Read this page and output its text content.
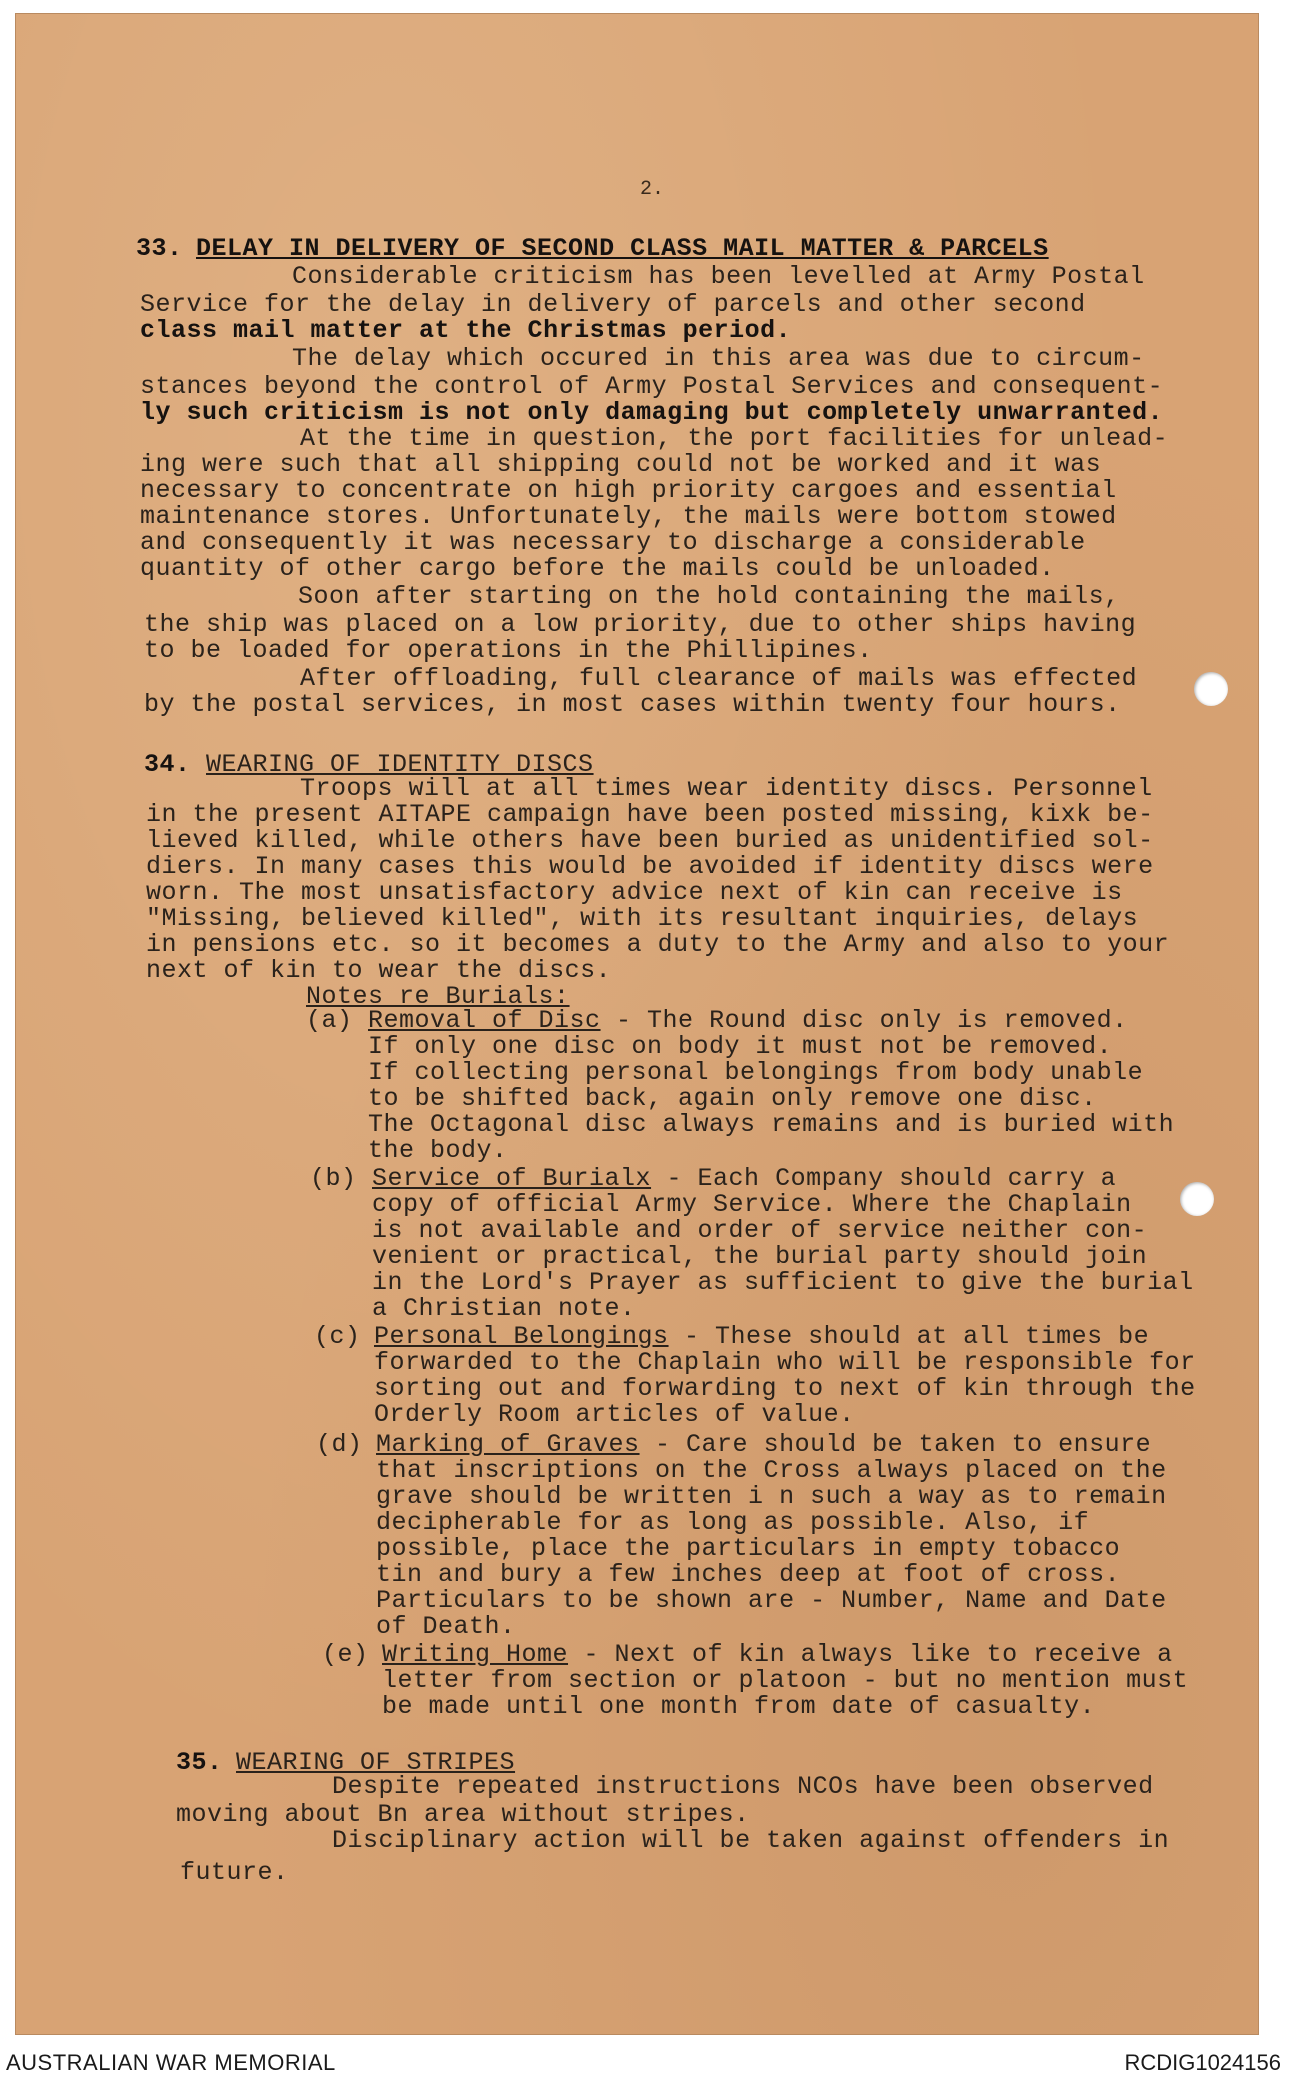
2.
33. DELAY IN DELIVERY OF SECOND CLASS MAIL MATTER & PARCELS
Considerable criticism has been levelled at Army Postal
Service for the delay in delivery of parcels and other second
class mail matter at the Christmas period.
The delay which occured in this area was due to circum-
stances beyond the control of Army Postal Services and consequent-
ly such criticism is not only damaging but completely unwarranted.
At the time in question, the port facilities for unlead-
ing were such that all shipping could not be worked and it was
necessary to concentrate on high priority cargoes and essential
maintenance stores. Unfortunately, the mails were bottom stowed
and consequently it was necessary to discharge a considerable
quantity of other cargo before the mails could be unloaded.
Soon after starting on the hold containing the mails,
the ship was placed on a low priority, due to other ships having
to be loaded for operations in the Phillipines.
After offloading, full clearance of mails was effected
by the postal services, in most cases within twenty four hours.
34. WEARING OF IDENTITY DISCS
Troops will at all times wear identity discs. Personnel
in the present AITAPE campaign have been posted missing, kixk be-
lieved killed, while others have been buried as unidentified sol-
diers. In many cases this would be avoided if identity discs were
worn. The most unsatisfactory advice next of kin can receive is
"Missing, believed killed", with its resultant inquiries, delays
in pensions etc. so it becomes a duty to the Army and also to your
next of kin to wear the discs.
Notes re Burials:
(a) Removal of Disc - The Round disc only is removed.
If only one disc on body it must not be removed.
If collecting personal belongings from body unable
to be shifted back, again only remove one disc.
The Octagonal disc always remains and is buried with
the body.
(b) Service of Burialx - Each Company should carry a
copy of official Army Service. Where the Chaplain
is not available and order of service neither con-
venient or practical, the burial party should join
in the Lord's Prayer as sufficient to give the burial
a Christian note.
(c) Personal Belongings - These should at all times be
forwarded to the Chaplain who will be responsible for
sorting out and forwarding to next of kin through the
Orderly Room articles of value.
(d) Marking of Graves - Care should be taken to ensure
that inscriptions on the Cross always placed on the
grave should be written i n such a way as to remain
decipherable for as long as possible. Also, if
possible, place the particulars in empty tobacco
tin and bury a few inches deep at foot of cross.
Particulars to be shown are - Number, Name and Date
of Death.
(e) Writing Home - Next of kin always like to receive a
letter from section or platoon - but no mention must
be made until one month from date of casualty.
35. WEARING OF STRIPES
Despite repeated instructions NCOs have been observed
moving about Bn area without stripes.
Disciplinary action will be taken against offenders in
future.
AUSTRALIAN WAR MEMORIAL	RCDIG1024156
